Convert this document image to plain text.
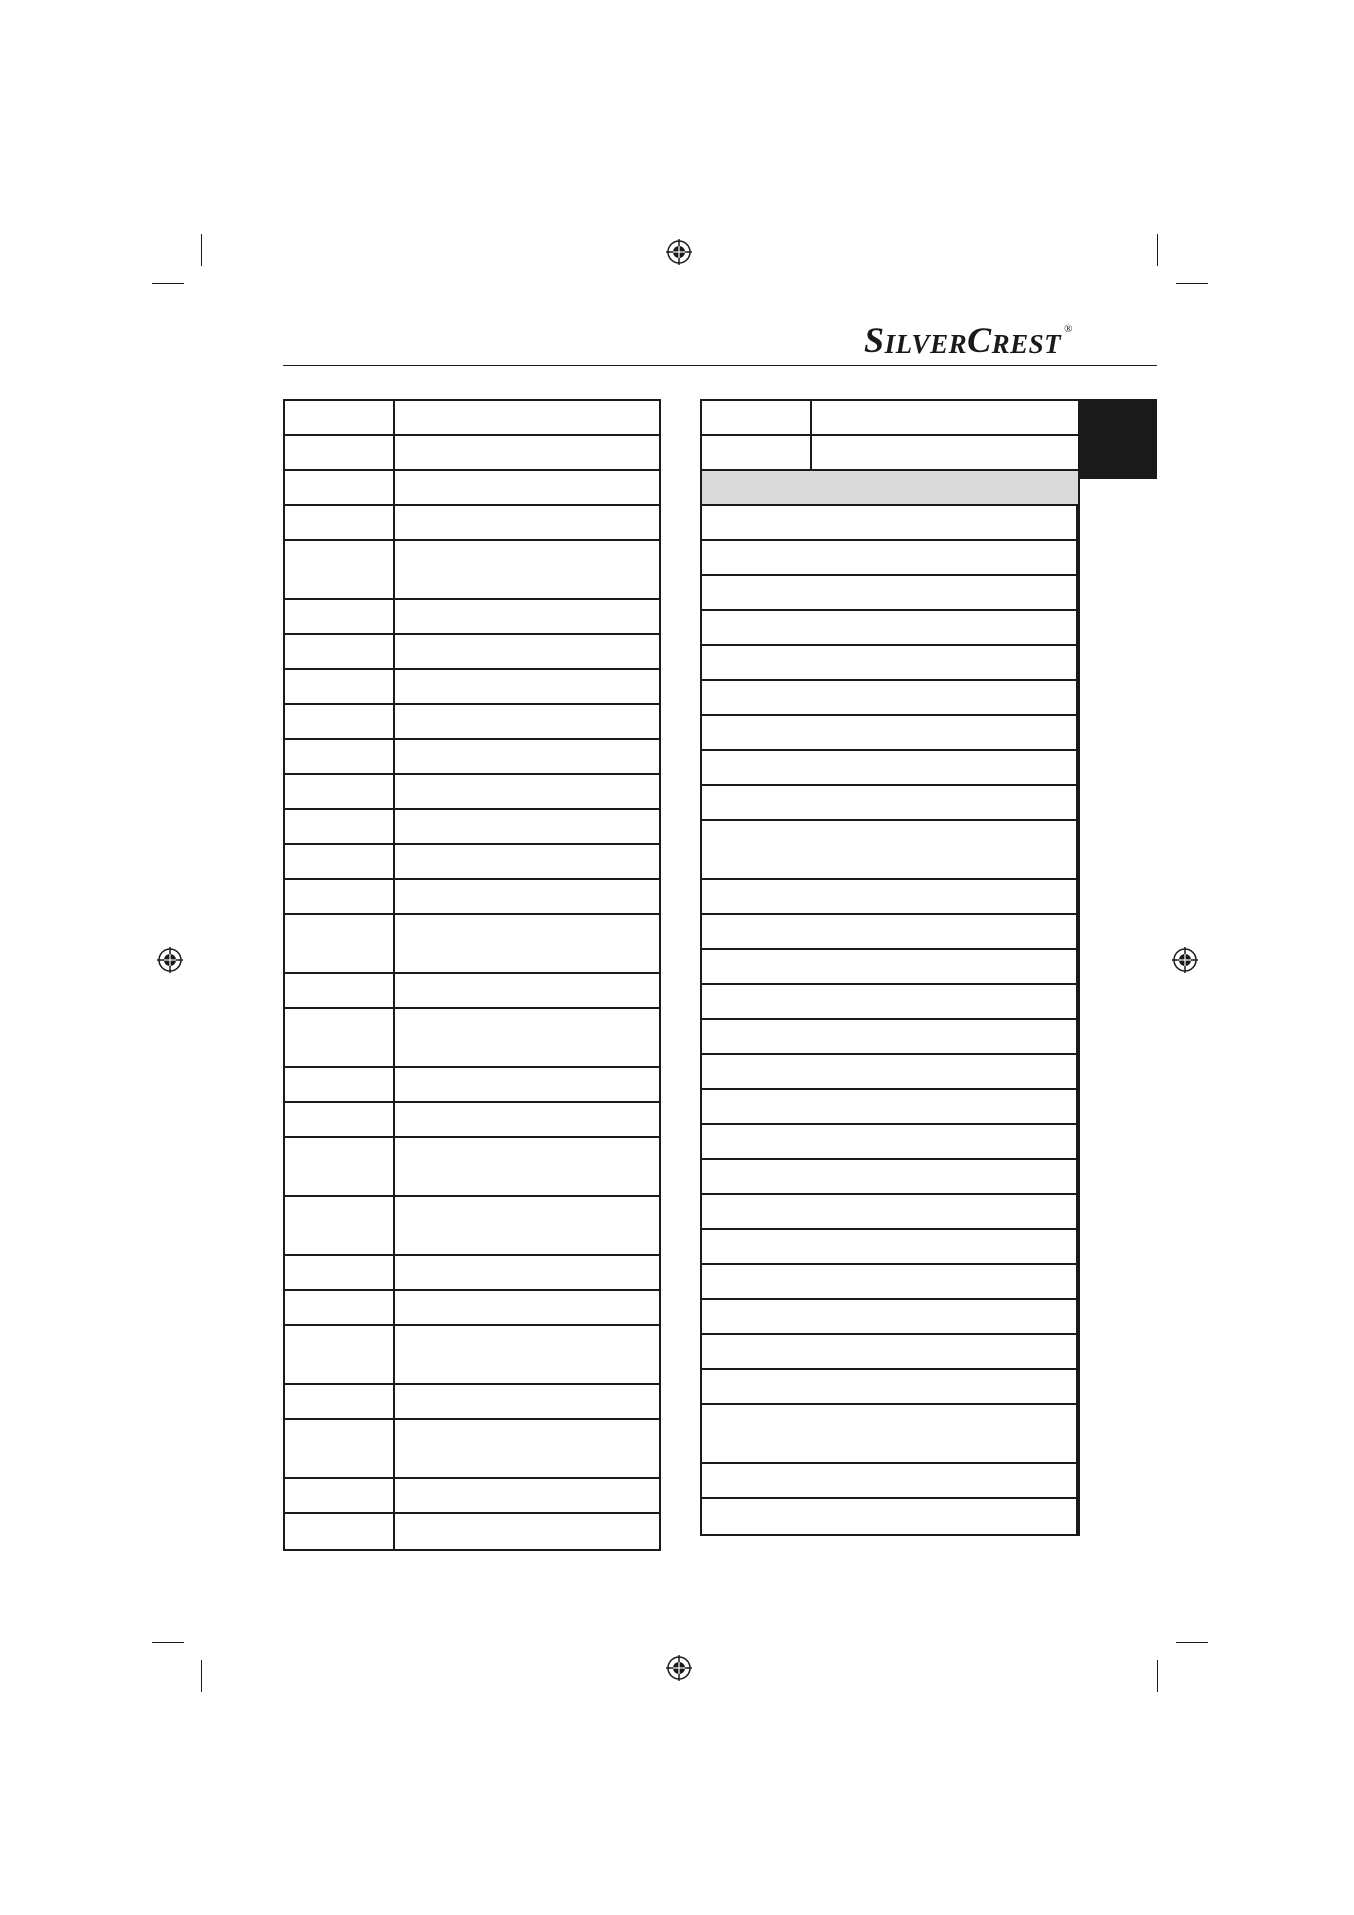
S ILVER C REST ®
